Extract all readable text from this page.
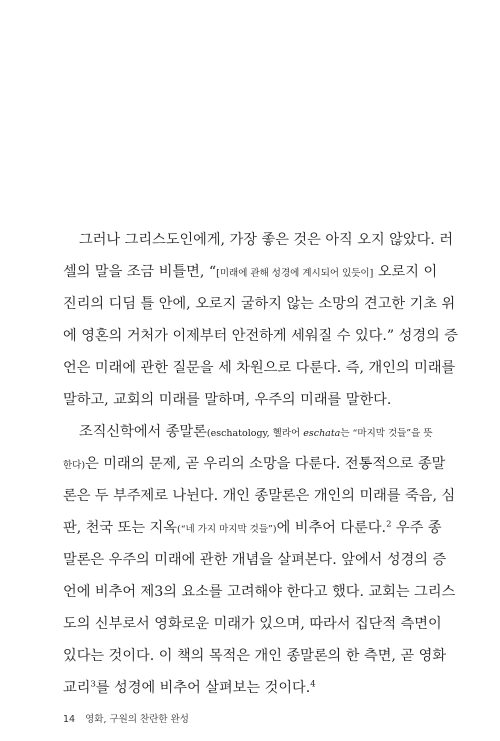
그러나 그리스도인에게, 가장 좋은 것은 아직 오지 않았다. 러
셀의 말을 조금 비틀면, “[미래에 관해 성경에 계시되어 있듯이] 오로지 이
진리의 디딤 틀 안에, 오로지 굴하지 않는 소망의 견고한 기초 위
에 영혼의 거처가 이제부터 안전하게 세워질 수 있다.” 성경의 증
언은 미래에 관한 질문을 세 차원으로 다룬다. 즉, 개인의 미래를
말하고, 교회의 미래를 말하며, 우주의 미래를 말한다.
조직신학에서 종말론(eschatology, 헬라어 eschata는 “마지막 것들”을 뜻
한다)은 미래의 문제, 곧 우리의 소망을 다룬다. 전통적으로 종말
론은 두 부주제로 나뉜다. 개인 종말론은 개인의 미래를 죽음, 심
판, 천국 또는 지옥(“네 가지 마지막 것들”)에 비추어 다룬다.$^2$ 우주 종
말론은 우주의 미래에 관한 개념을 살펴본다. 앞에서 성경의 증
언에 비추어 제3의 요소를 고려해야 한다고 했다. 교회는 그리스
도의 신부로서 영화로운 미래가 있으며, 따라서 집단적 측면이
있다는 것이다. 이 책의 목적은 개인 종말론의 한 측면, 곧 영화
교리$^3$를 성경에 비추어 살펴보는 것이다.$^4$
14 영화, 구원의 찬란한 완성
